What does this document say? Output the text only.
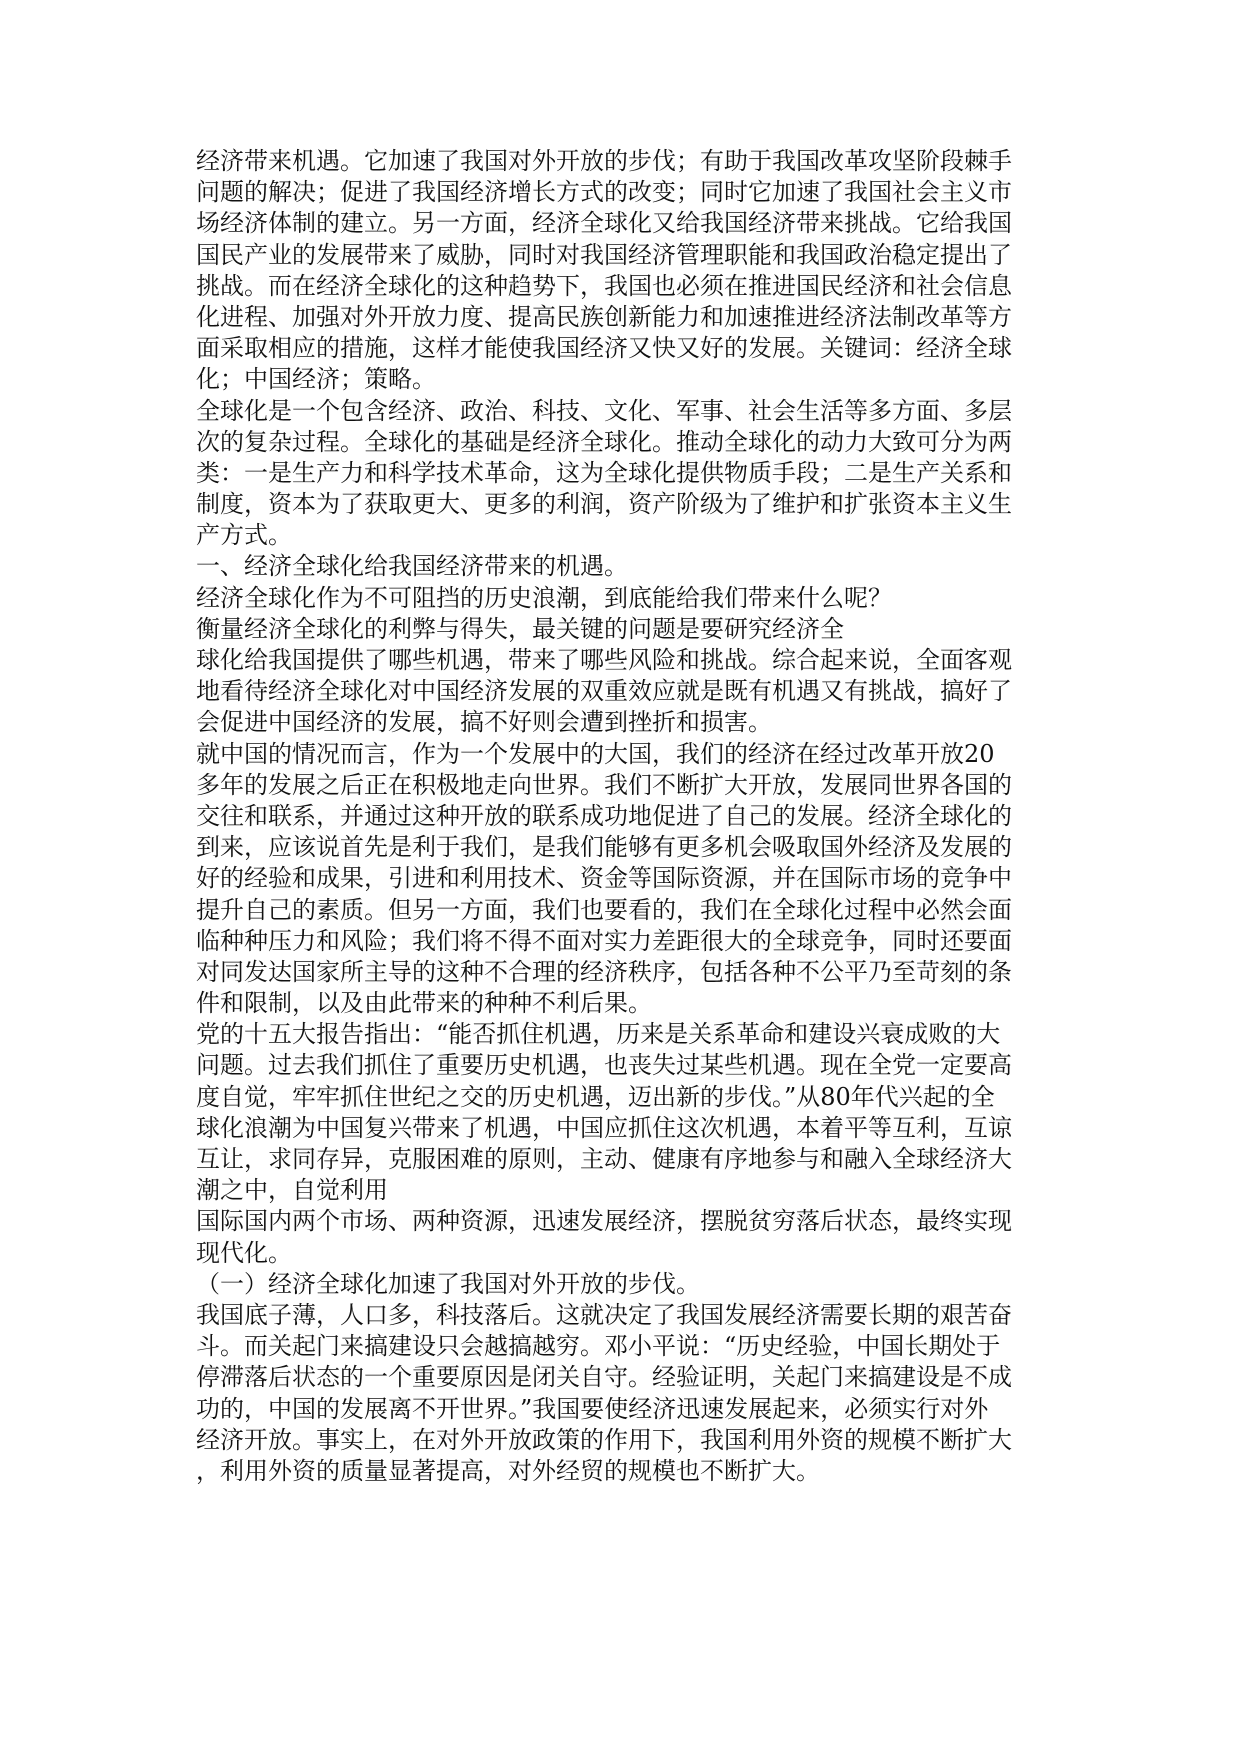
经济带来机遇。它加速了我国对外开放的步伐；有助于我国改革攻坚阶段棘手
问题的解决；促进了我国经济增长方式的改变；同时它加速了我国社会主义市
场经济体制的建立。另一方面，经济全球化又给我国经济带来挑战。它给我国
国民产业的发展带来了威胁，同时对我国经济管理职能和我国政治稳定提出了
挑战。而在经济全球化的这种趋势下，我国也必须在推进国民经济和社会信息
化进程、加强对外开放力度、提高民族创新能力和加速推进经济法制改革等方
面采取相应的措施，这样才能使我国经济又快又好的发展。关键词：经济全球
化；中国经济；策略。
全球化是一个包含经济、政治、科技、文化、军事、社会生活等多方面、多层
次的复杂过程。全球化的基础是经济全球化。推动全球化的动力大致可分为两
类：一是生产力和科学技术革命，这为全球化提供物质手段；二是生产关系和
制度，资本为了获取更大、更多的利润，资产阶级为了维护和扩张资本主义生
产方式。
一、经济全球化给我国经济带来的机遇。
经济全球化作为不可阻挡的历史浪潮，到底能给我们带来什么呢？
衡量经济全球化的利弊与得失，最关键的问题是要研究经济全
球化给我国提供了哪些机遇，带来了哪些风险和挑战。综合起来说，全面客观
地看待经济全球化对中国经济发展的双重效应就是既有机遇又有挑战，搞好了
会促进中国经济的发展，搞不好则会遭到挫折和损害。
就中国的情况而言，作为一个发展中的大国，我们的经济在经过改革开放20
多年的发展之后正在积极地走向世界。我们不断扩大开放，发展同世界各国的
交往和联系，并通过这种开放的联系成功地促进了自己的发展。经济全球化的
到来，应该说首先是利于我们，是我们能够有更多机会吸取国外经济及发展的
好的经验和成果，引进和利用技术、资金等国际资源，并在国际市场的竞争中
提升自己的素质。但另一方面，我们也要看的，我们在全球化过程中必然会面
临种种压力和风险；我们将不得不面对实力差距很大的全球竞争，同时还要面
对同发达国家所主导的这种不合理的经济秩序，包括各种不公平乃至苛刻的条
件和限制，以及由此带来的种种不利后果。
党的十五大报告指出：“能否抓住机遇，历来是关系革命和建设兴衰成败的大
问题。过去我们抓住了重要历史机遇，也丧失过某些机遇。现在全党一定要高
度自觉，牢牢抓住世纪之交的历史机遇，迈出新的步伐。”从80年代兴起的全
球化浪潮为中国复兴带来了机遇，中国应抓住这次机遇，本着平等互利，互谅
互让，求同存异，克服困难的原则，主动、健康有序地参与和融入全球经济大
潮之中，自觉利用
国际国内两个市场、两种资源，迅速发展经济，摆脱贫穷落后状态，最终实现
现代化。
（一）经济全球化加速了我国对外开放的步伐。
我国底子薄，人口多，科技落后。这就决定了我国发展经济需要长期的艰苦奋
斗。而关起门来搞建设只会越搞越穷。邓小平说：“历史经验，中国长期处于
停滞落后状态的一个重要原因是闭关自守。经验证明，关起门来搞建设是不成
功的，中国的发展离不开世界。”我国要使经济迅速发展起来，必须实行对外
经济开放。事实上，在对外开放政策的作用下，我国利用外资的规模不断扩大
，利用外资的质量显著提高，对外经贸的规模也不断扩大。
